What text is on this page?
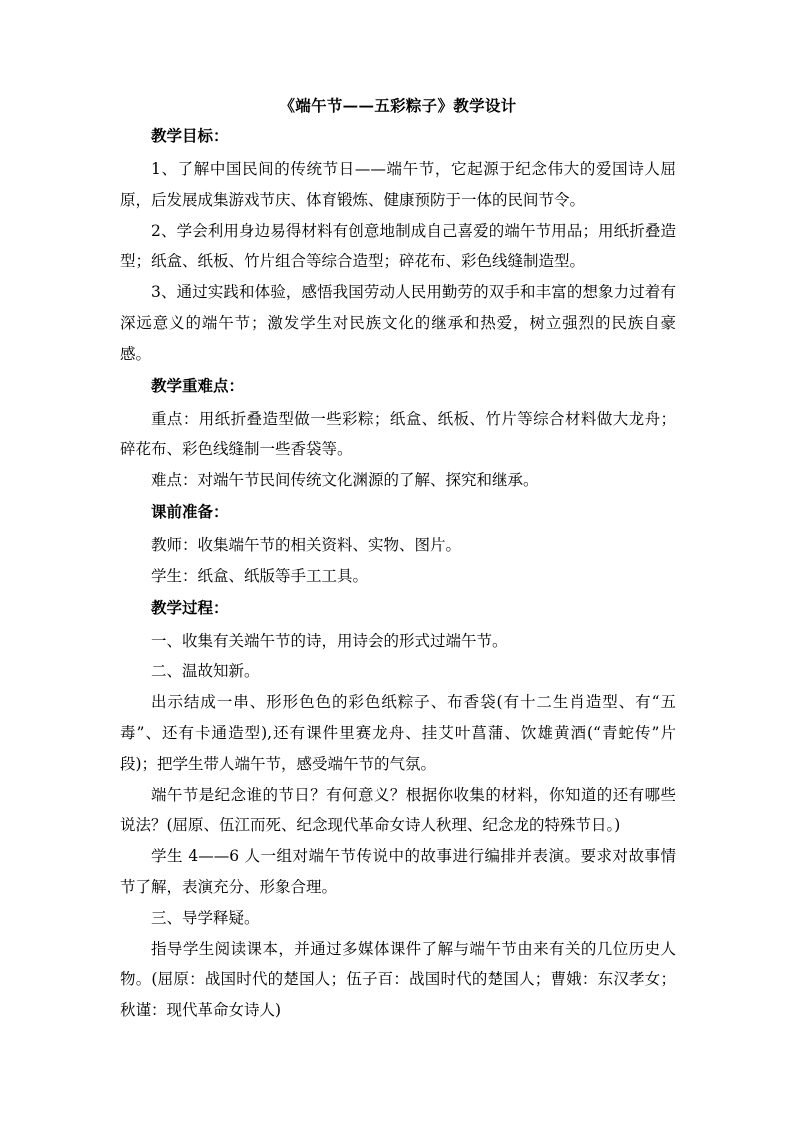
《端午节——五彩粽子》教学设计
教学目标：

1、了解中国民间的传统节日——端午节，它起源于纪念伟大的爱国诗人屈原，后发展成集游戏节庆、体育锻炼、健康预防于一体的民间节令。

2、学会利用身边易得材料有创意地制成自己喜爱的端午节用品；用纸折叠造型；纸盒、纸板、竹片组合等综合造型；碎花布、彩色线缝制造型。

3、通过实践和体验，感悟我国劳动人民用勤劳的双手和丰富的想象力过着有深远意义的端午节；激发学生对民族文化的继承和热爱，树立强烈的民族自豪感。

教学重难点：

重点：用纸折叠造型做一些彩粽；纸盒、纸板、竹片等综合材料做大龙舟；碎花布、彩色线缝制一些香袋等。

难点：对端午节民间传统文化渊源的了解、探究和继承。

课前准备：

教师：收集端午节的相关资料、实物、图片。

学生：纸盒、纸版等手工工具。

教学过程：

一、收集有关端午节的诗，用诗会的形式过端午节。

二、温故知新。

出示结成一串、形形色色的彩色纸粽子、布香袋(有十二生肖造型、有“五毒”、还有卡通造型),还有课件里赛龙舟、挂艾叶菖蒲、饮雄黄酒(“青蛇传”片段)；把学生带人端午节，感受端午节的气氛。

端午节是纪念谁的节日？有何意义？根据你收集的材料，你知道的还有哪些说法？(屈原、伍江而死、纪念现代革命女诗人秋理、纪念龙的特殊节日。)

学生 4——6 人一组对端午节传说中的故事进行编排并表演。要求对故事情节了解，表演充分、形象合理。

三、导学释疑。

指导学生阅读课本，并通过多媒体课件了解与端午节由来有关的几位历史人物。(屈原：战国时代的楚国人；伍子百：战国时代的楚国人；曹娥：东汉孝女；秋谨：现代革命女诗人)
